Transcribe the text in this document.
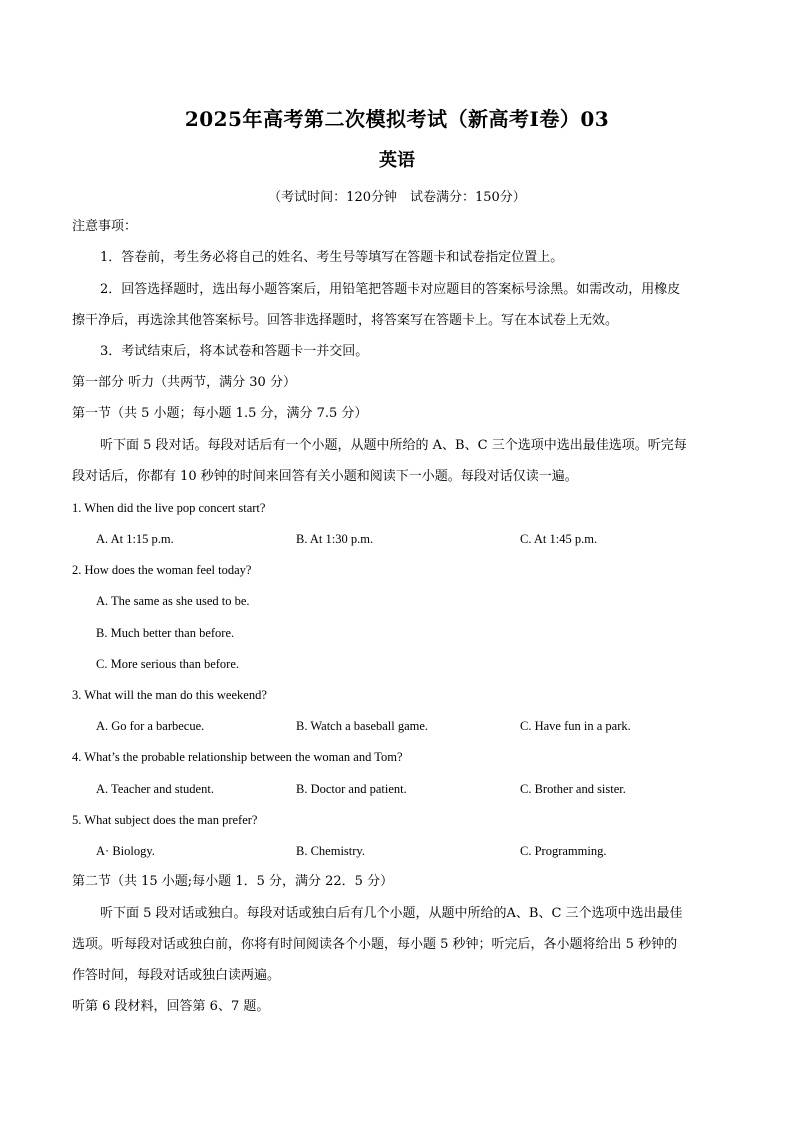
2025年高考第二次模拟考试（新高考I卷）03
英语
（考试时间：120分钟　试卷满分：150分）
注意事项：
1．答卷前，考生务必将自己的姓名、考生号等填写在答题卡和试卷指定位置上。
2．回答选择题时，选出每小题答案后，用铅笔把答题卡对应题目的答案标号涂黑。如需改动，用橡皮
擦干净后，再选涂其他答案标号。回答非选择题时，将答案写在答题卡上。写在本试卷上无效。
3．考试结束后，将本试卷和答题卡一并交回。
第一部分 听力（共两节，满分 30 分）
第一节（共 5 小题；每小题 1.5 分，满分 7.5 分）
听下面 5 段对话。每段对话后有一个小题，从题中所给的 A、B、C 三个选项中选出最佳选项。听完每
段对话后，你都有 10 秒钟的时间来回答有关小题和阅读下一小题。每段对话仅读一遍。
1. When did the live pop concert start?
A. At 1:15 p.m.	B. At 1:30 p.m.	C. At 1:45 p.m.
2. How does the woman feel today?
A. The same as she used to be.
B. Much better than before.
C. More serious than before.
3. What will the man do this weekend?
A. Go for a barbecue.	B. Watch a baseball game.	C. Have fun in a park.
4. What’s the probable relationship between the woman and Tom?
A. Teacher and student.	B. Doctor and patient.	C. Brother and sister.
5. What subject does the man prefer?
A· Biology.	B. Chemistry.	C. Programming.
第二节（共 15 小题;每小题 1．5 分，满分 22．5 分）
听下面 5 段对话或独白。每段对话或独白后有几个小题，从题中所给的A、B、C 三个选项中选出最佳
选项。听每段对话或独白前，你将有时间阅读各个小题，每小题 5 秒钟；听完后，各小题将给出 5 秒钟的
作答时间，每段对话或独白读两遍。
听第 6 段材料，回答第 6、7 题。
